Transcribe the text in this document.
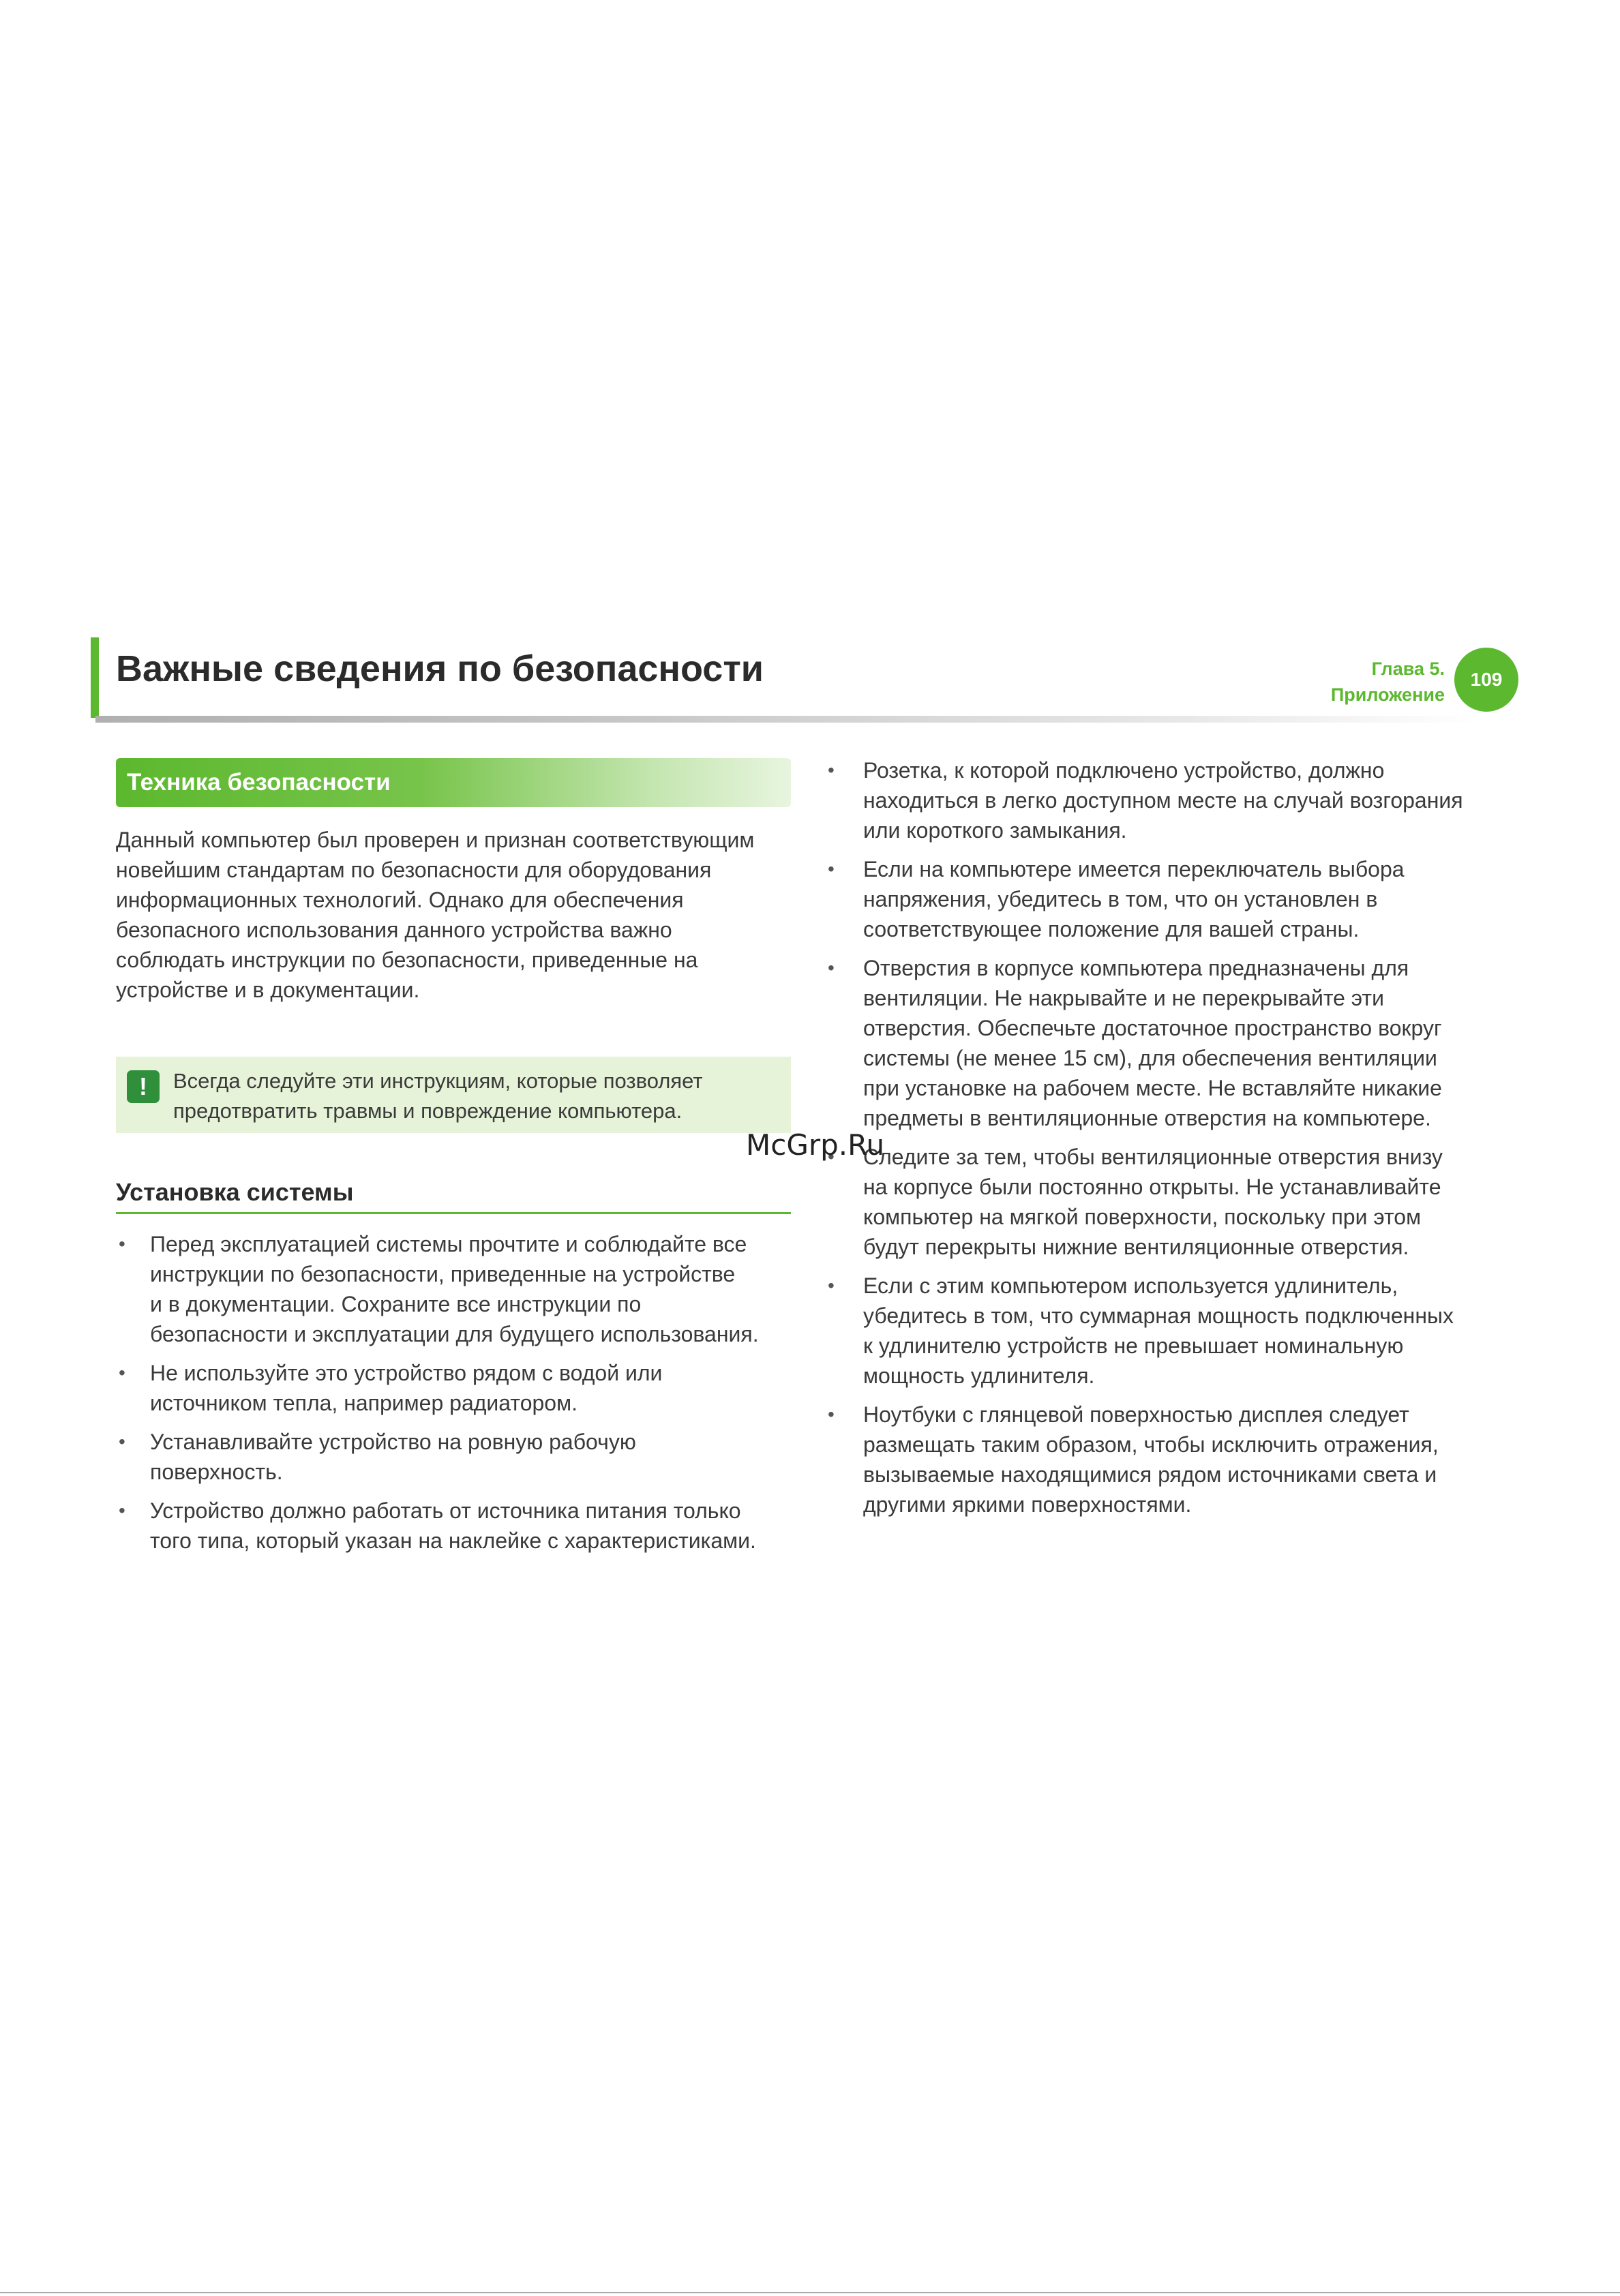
Важные сведения по безопасности	Глава 5.
Приложение
109
Техника безопасности

Данный компьютер был проверен и признан соответствующим
новейшим стандартам по безопасности для оборудования
информационных технологий. Однако для обеспечения
безопасного использования данного устройства важно
соблюдать инструкции по безопасности, приведенные на
устройстве и в документации.

!	Всегда следуйте эти инструкциям, которые позволяет
предотвратить травмы и повреждение компьютера.
Установка системы
• Перед эксплуатацией системы прочтите и соблюдайте все
инструкции по безопасности, приведенные на устройстве
и в документации. Сохраните все инструкции по
безопасности и эксплуатации для будущего использования.
• Не используйте это устройство рядом с водой или
источником тепла, например радиатором.
• Устанавливайте устройство на ровную рабочую
поверхность.
• Устройство должно работать от источника питания только
того типа, который указан на наклейке с характеристиками.
• Розетка, к которой подключено устройство, должно
находиться в легко доступном месте на случай возгорания
или короткого замыкания.
• Если на компьютере имеется переключатель выбора
напряжения, убедитесь в том, что он установлен в
соответствующее положение для вашей страны.
• Отверстия в корпусе компьютера предназначены для
вентиляции. Не накрывайте и не перекрывайте эти
отверстия. Обеспечьте достаточное пространство вокруг
системы (не менее 15 см), для обеспечения вентиляции
при установке на рабочем месте. Не вставляйте никакие
предметы в вентиляционные отверстия на компьютере.
• Следите за тем, чтобы вентиляционные отверстия внизу
на корпусе были постоянно открыты. Не устанавливайте
компьютер на мягкой поверхности, поскольку при этом
будут перекрыты нижние вентиляционные отверстия.
• Если с этим компьютером используется удлинитель,
убедитесь в том, что суммарная мощность подключенных
к удлинителю устройств не превышает номинальную
мощность удлинителя.
• Ноутбуки с глянцевой поверхностью дисплея следует
размещать таким образом, чтобы исключить отражения,
вызываемые находящимися рядом источниками света и
другими яркими поверхностями.
McGrp.Ru
